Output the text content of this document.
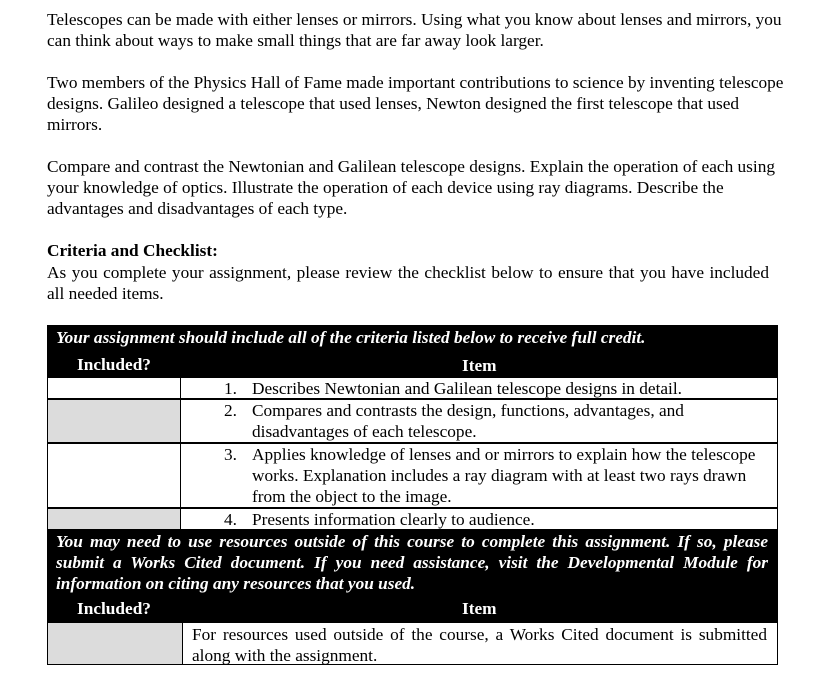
Telescopes can be made with either lenses or mirrors. Using what you know about lenses and mirrors, you can think about ways to make small things that are far away look larger.

Two members of the Physics Hall of Fame made important contributions to science by inventing telescope designs. Galileo designed a telescope that used lenses, Newton designed the first telescope that used mirrors.

Compare and contrast the Newtonian and Galilean telescope designs. Explain the operation of each using your knowledge of optics. Illustrate the operation of each device using ray diagrams. Describe the advantages and disadvantages of each type.

Criteria and Checklist:

As you complete your assignment, please review the checklist below to ensure that you have included all needed items.

Your assignment should include all of the criteria listed below to receive full credit.
Included?	Item
1. Describes Newtonian and Galilean telescope designs in detail.
2. Compares and contrasts the design, functions, advantages, and disadvantages of each telescope.
3. Applies knowledge of lenses and or mirrors to explain how the telescope works. Explanation includes a ray diagram with at least two rays drawn from the object to the image.
4. Presents information clearly to audience.
You may need to use resources outside of this course to complete this assignment. If so, please submit a Works Cited document. If you need assistance, visit the Developmental Module for information on citing any resources that you used.
Included?	Item
For resources used outside of the course, a Works Cited document is submitted along with the assignment.
